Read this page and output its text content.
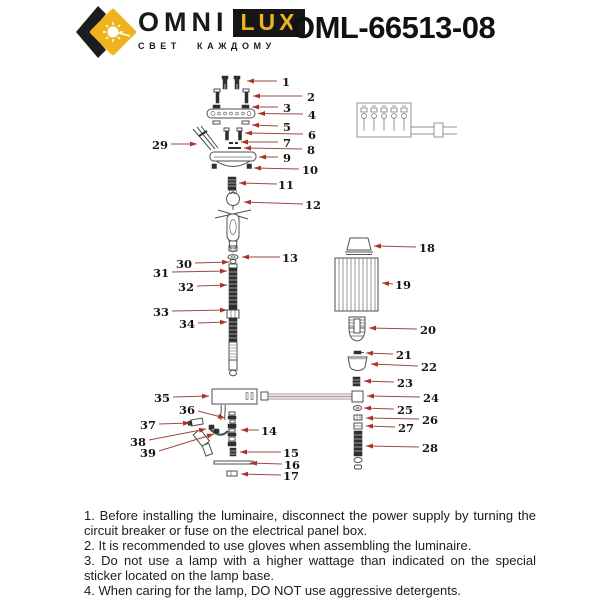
OMNI LUX
СВЕТ КАЖДОМУ
OML-66513-08
1
2
3 4
5
6
7 8
9
10
11
12
13
14
15
16
17
18
19
20
21
22
23
24
25
26
27
28
29
30
31
32
33
34
35
36
37
38
39

1. Before installing the luminaire, disconnect the power supply by turning the circuit breaker or fuse on the electrical panel box.

2. It is recommended to use gloves when assembling the luminaire.

3. Do not use a lamp with a higher wattage than indicated on the special sticker located on the lamp base.

4. When caring for the lamp, DO NOT use aggressive detergents.
